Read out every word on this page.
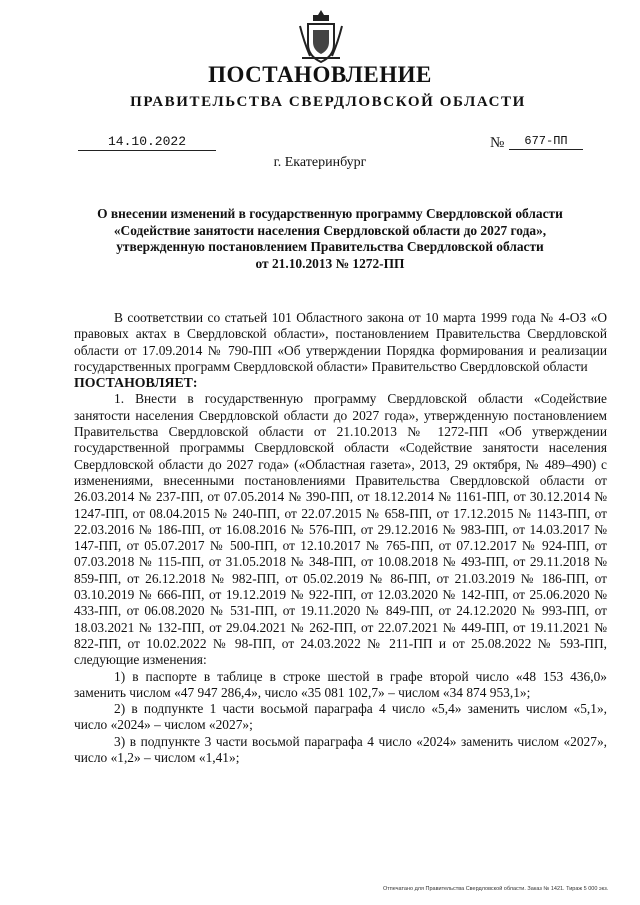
ПОСТАНОВЛЕНИЕ
ПРАВИТЕЛЬСТВА СВЕРДЛОВСКОЙ ОБЛАСТИ
14.10.2022	№	677-ПП
г. Екатеринбург
О внесении изменений в государственную программу Свердловской области
«Содействие занятости населения Свердловской области до 2027 года»,
утвержденную постановлением Правительства Свердловской области
от 21.10.2013 № 1272-ПП

В соответствии со статьей 101 Областного закона от 10 марта 1999 года № 4-ОЗ «О правовых актах в Свердловской области», постановлением Правительства Свердловской области от 17.09.2014 № 790-ПП «Об утверждении Порядка формирования и реализации государственных программ Свердловской области» Правительство Свердловской области

ПОСТАНОВЛЯЕТ:

1. Внести в государственную программу Свердловской области «Содействие занятости населения Свердловской области до 2027 года», утвержденную постановлением Правительства Свердловской области от 21.10.2013 № 1272-ПП «Об утверждении государственной программы Свердловской области «Содействие занятости населения Свердловской области до 2027 года» («Областная газета», 2013, 29 октября, № 489–490) с изменениями, внесенными постановлениями Правительства Свердловской области от 26.03.2014 № 237-ПП, от 07.05.2014 № 390-ПП, от 18.12.2014 № 1161-ПП, от 30.12.2014 № 1247-ПП, от 08.04.2015 № 240-ПП, от 22.07.2015 № 658-ПП, от 17.12.2015 № 1143-ПП, от 22.03.2016 № 186-ПП, от 16.08.2016 № 576-ПП, от 29.12.2016 № 983-ПП, от 14.03.2017 № 147-ПП, от 05.07.2017 № 500-ПП, от 12.10.2017 № 765-ПП, от 07.12.2017 № 924-ПП, от 07.03.2018 № 115-ПП, от 31.05.2018 № 348-ПП, от 10.08.2018 № 493-ПП, от 29.11.2018 № 859-ПП, от 26.12.2018 № 982-ПП, от 05.02.2019 № 86-ПП, от 21.03.2019 № 186-ПП, от 03.10.2019 № 666-ПП, от 19.12.2019 № 922-ПП, от 12.03.2020 № 142-ПП, от 25.06.2020 № 433-ПП, от 06.08.2020 № 531-ПП, от 19.11.2020 № 849-ПП, от 24.12.2020 № 993-ПП, от 18.03.2021 № 132-ПП, от 29.04.2021 № 262-ПП, от 22.07.2021 № 449-ПП, от 19.11.2021 № 822-ПП, от 10.02.2022 № 98-ПП, от 24.03.2022 № 211-ПП и от 25.08.2022 № 593-ПП, следующие изменения:

1) в паспорте в таблице в строке шестой в графе второй число «48 153 436,0» заменить числом «47 947 286,4», число «35 081 102,7» – числом «34 874 953,1»;

2) в подпункте 1 части восьмой параграфа 4 число «5,4» заменить числом «5,1», число «2024» – числом «2027»;

3) в подпункте 3 части восьмой параграфа 4 число «2024» заменить числом «2027», число «1,2» – числом «1,41»;

Отпечатано для Правительства Свердловской области. Заказ № 1421. Тираж 5 000 экз.
